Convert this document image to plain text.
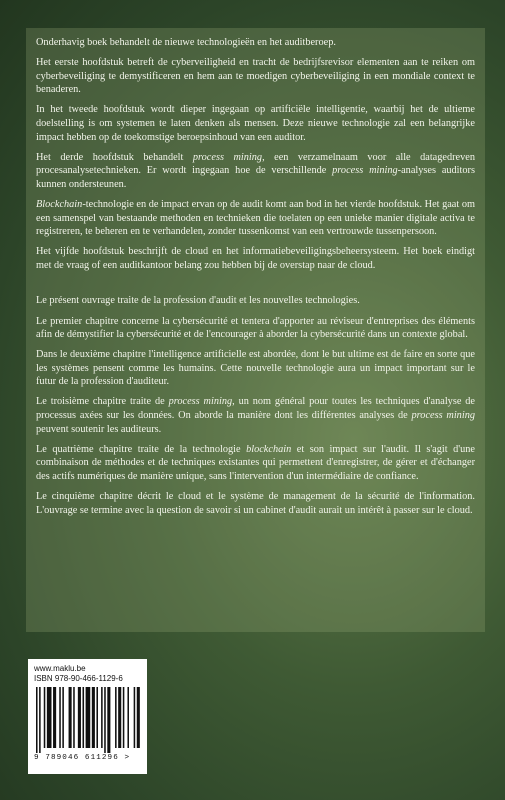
Onderhavig boek behandelt de nieuwe technologieën en het auditberoep.

Het eerste hoofdstuk betreft de cyberveiligheid en tracht de bedrijfsrevisor elementen aan te reiken om cyberbeveiliging te demystificeren en hem aan te moedigen cyberbeveiliging in een mondiale context te benaderen.

In het tweede hoofdstuk wordt dieper ingegaan op artificiële intelligentie, waarbij het de ultieme doelstelling is om systemen te laten denken als mensen. Deze nieuwe technologie zal een belangrijke impact hebben op de toekomstige beroepsinhoud van een auditor.

Het derde hoofdstuk behandelt process mining, een verzamelnaam voor alle datagedreven procesanalysetechnieken. Er wordt ingegaan hoe de verschillende process mining-analyses auditors kunnen ondersteunen.

Blockchain-technologie en de impact ervan op de audit komt aan bod in het vierde hoofdstuk. Het gaat om een samenspel van bestaande methoden en technieken die toelaten op een unieke manier digitale activa te registreren, te beheren en te verhandelen, zonder tussenkomst van een vertrouwde tussenpersoon.

Het vijfde hoofdstuk beschrijft de cloud en het informatiebeveiligingsbeheersysteem. Het boek eindigt met de vraag of een auditkantoor belang zou hebben bij de overstap naar de cloud.

Le présent ouvrage traite de la profession d'audit et les nouvelles technologies.

Le premier chapitre concerne la cybersécurité et tentera d'apporter au réviseur d'entreprises des éléments afin de démystifier la cybersécurité et de l'encourager à aborder la cybersécurité dans un contexte global.

Dans le deuxième chapitre l'intelligence artificielle est abordée, dont le but ultime est de faire en sorte que les systèmes pensent comme les humains. Cette nouvelle technologie aura un impact important sur le futur de la profession d'auditeur.

Le troisième chapitre traite de process mining, un nom général pour toutes les techniques d'analyse de processus axées sur les données. On aborde la manière dont les différentes analyses de process mining peuvent soutenir les auditeurs.

Le quatrième chapitre traite de la technologie blockchain et son impact sur l'audit. Il s'agit d'une combinaison de méthodes et de techniques existantes qui permettent d'enregistrer, de gérer et d'échanger des actifs numériques de manière unique, sans l'intervention d'un intermédiaire de confiance.

Le cinquième chapitre décrit le cloud et le système de management de la sécurité de l'information. L'ouvrage se termine avec la question de savoir si un cabinet d'audit aurait un intérêt à passer sur le cloud.

www.maklu.be
ISBN 978-90-466-1129-6
9 789046 611296 >
